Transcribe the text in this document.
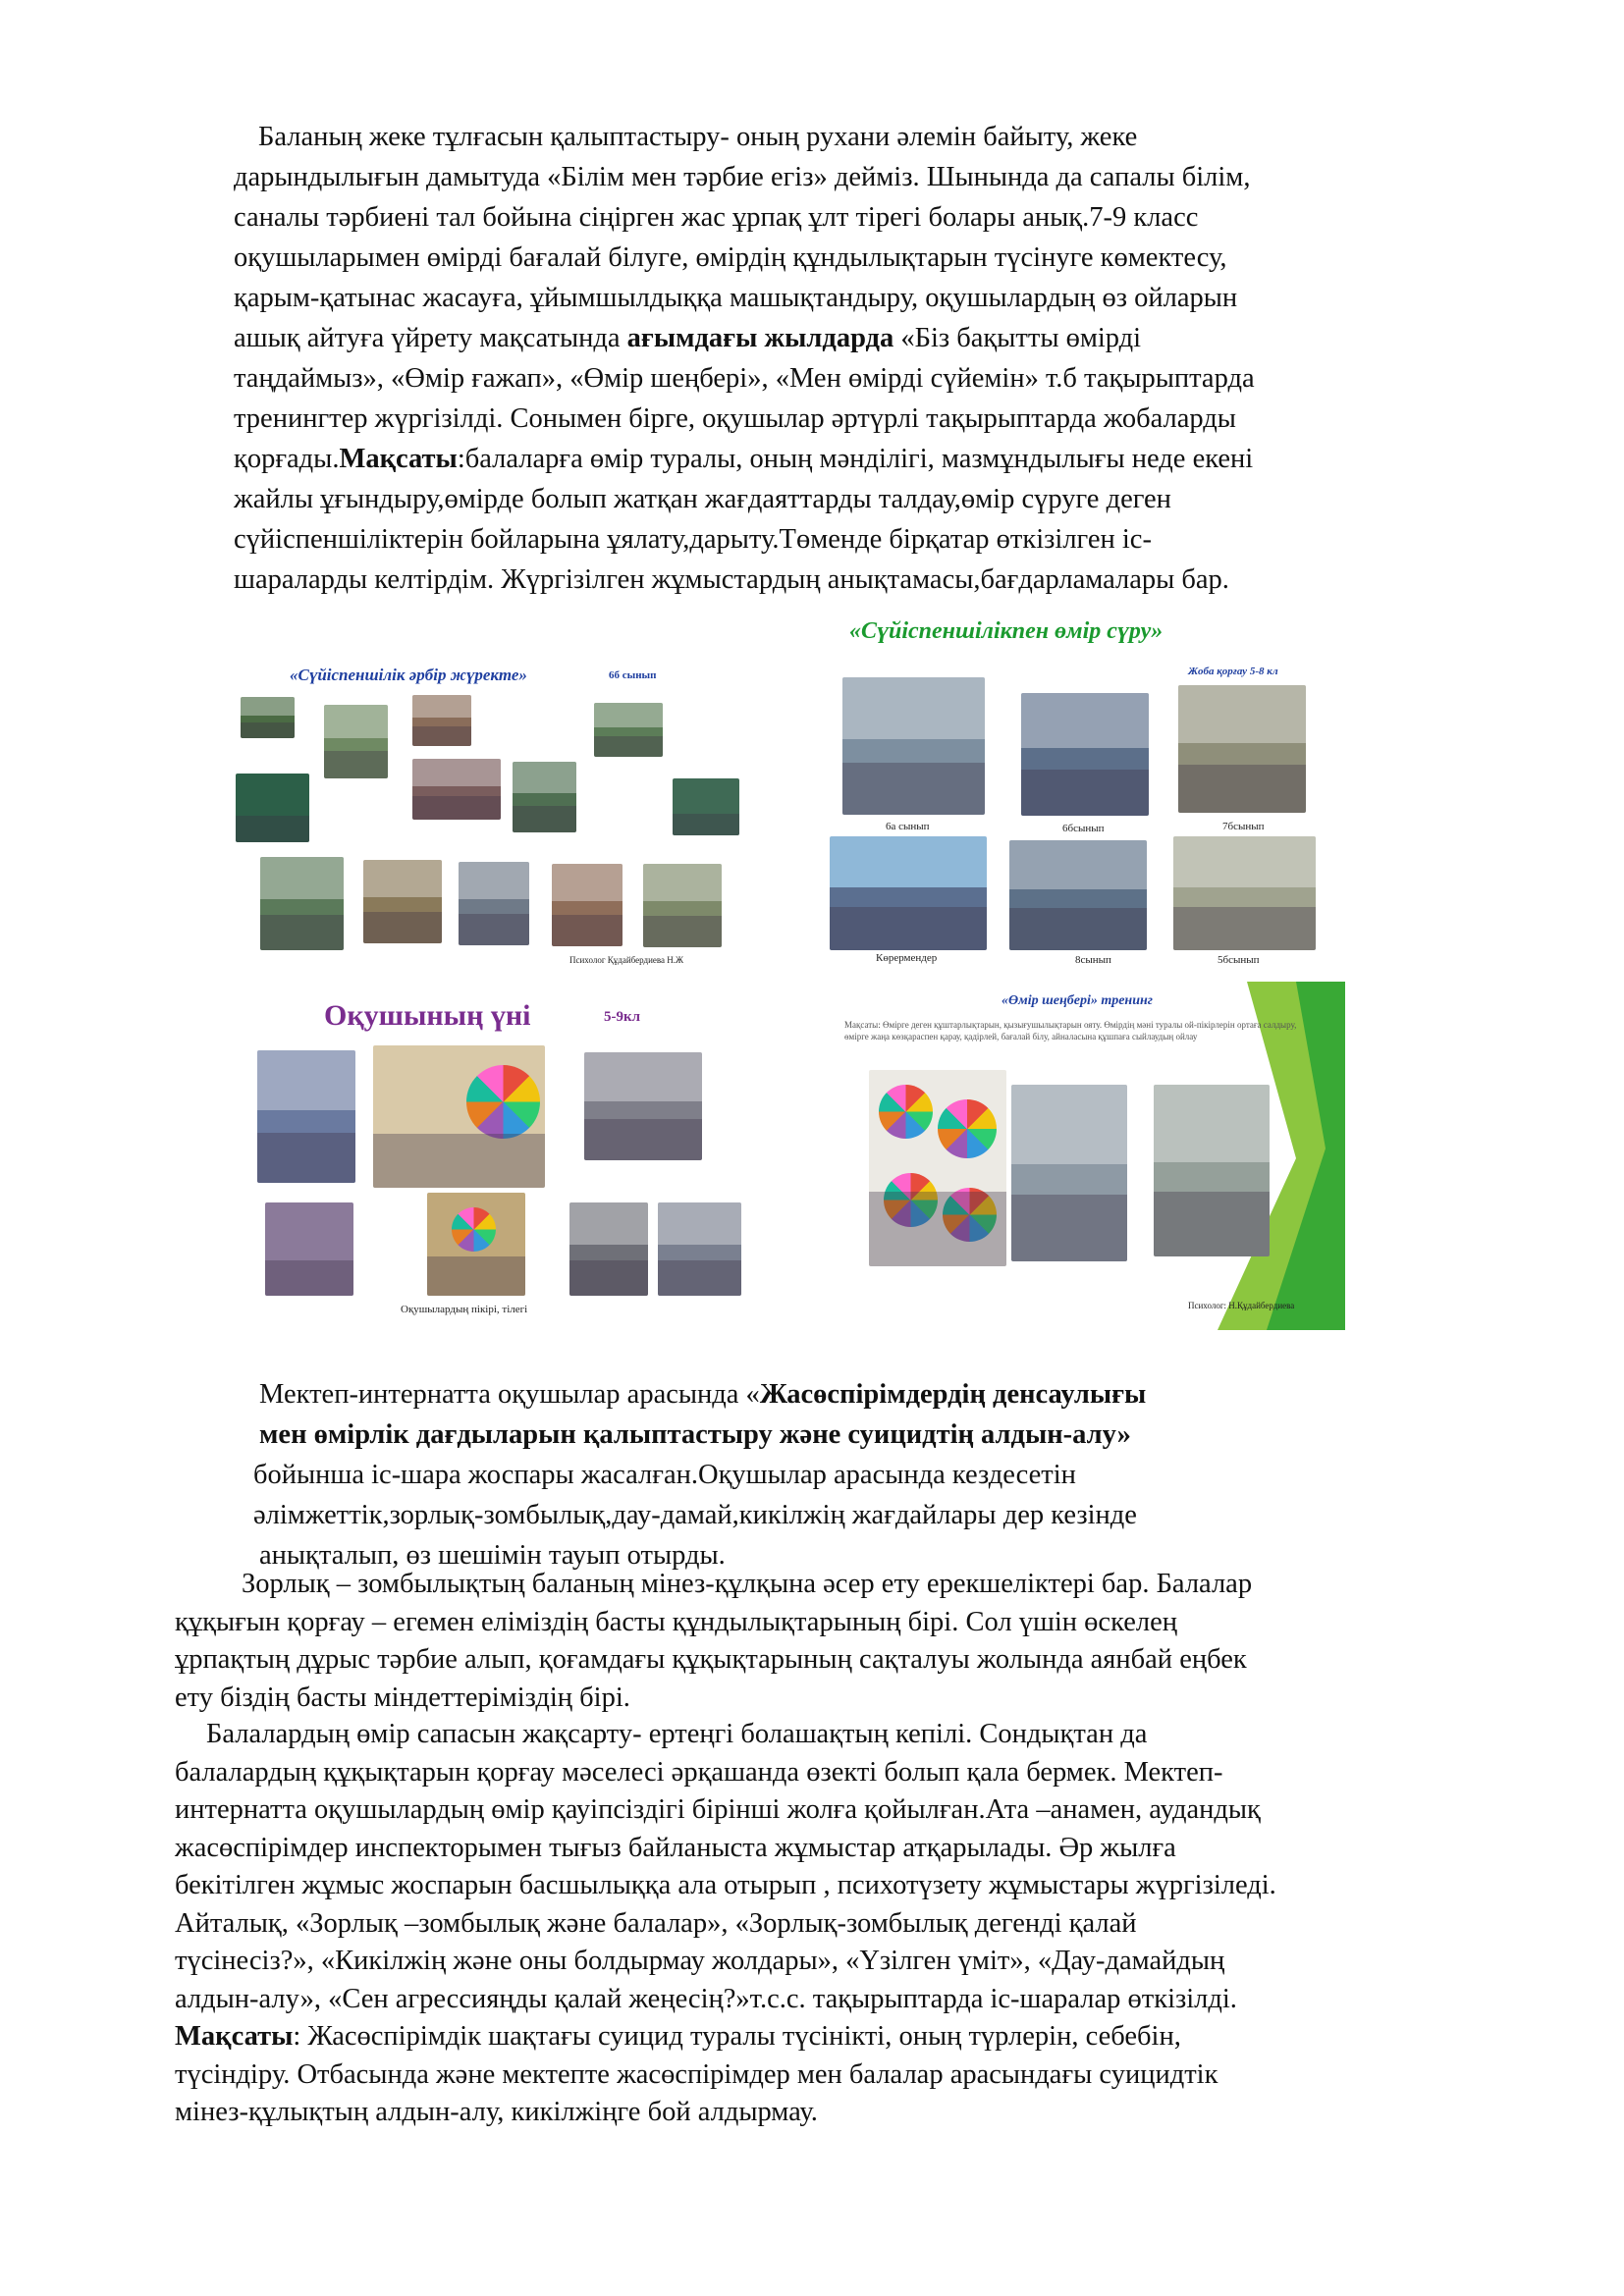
Баланың жеке тұлғасын қалыптастыру- оның рухани әлемін байыту, жеке
дарындылығын дамытуда «Білім мен тәрбие егіз» дейміз. Шынында да сапалы білім,
саналы тәрбиені тал бойына сіңірген жас ұрпақ ұлт тірегі болары анық.7-9 класс
оқушыларымен өмірді бағалай білуге, өмірдің құндылықтарын түсінуге көмектесу,
қарым-қатынас жасауға, ұйымшылдыққа машықтандыру, оқушылардың өз ойларын
ашық айтуға үйрету мақсатында ағымдағы жылдарда «Біз бақытты өмірді
таңдаймыз», «Өмір ғажап», «Өмір шеңбері», «Мен өмірді сүйемін» т.б тақырыптарда
тренингтер жүргізілді. Сонымен бірге, оқушылар әртүрлі тақырыптарда жобаларды
қорғады.Мақсаты:балаларға өмір туралы, оның мәнділігі, мазмұндылығы неде екені
жайлы ұғындыру,өмірде болып жатқан жағдаяттарды талдау,өмір сүруге деген
сүйіспеншіліктерін бойларына ұялату,дарыту.Төменде бірқатар өткізілген іс-
шараларды келтірдім. Жүргізілген жұмыстардың анықтамасы,бағдарламалары бар.
«Сүйіспеншілік әрбір жүректе»	6б сынып
Психолог Құдайбердиева Н.Ж
«Сүйіспеншілікпен өмір сүру»
Жоба қорғау 5-8 кл
6а сынып	6бсынып	7бсынып
Көрермендер	8сынып	5бсынып
Оқушының үні	5-9кл
Оқушылардың пікірі, тілегі
«Өмір шеңбері» тренинг
Мақсаты: Өмірге деген құштарлықтарын, қызығушылықтарын ояту. Өмірдің мәні туралы ой-пікірлерін ортаға салдыру, өмірге жаңа көзқараспен қарау, қадірлей, бағалай білу, айналасына құшпаға сыйлаудың ойлау
Психолог: Н.Құдайбердиева
Мектеп-интернатта оқушылар арасында «Жасөспірімдердің денсаулығы
мен өмірлік дағдыларын қалыптастыру және суицидтің алдын-алу»
бойынша іс-шара жоспары жасалған.Оқушылар арасында кездесетін
әлімжеттік,зорлық-зомбылық,дау-дамай,кикілжің жағдайлары дер кезінде
анықталып, өз шешімін тауып отырды.
Зорлық – зомбылықтың баланың мінез-құлқына әсер ету ерекшеліктері бар. Балалар
құқығын қорғау – егемен еліміздің басты құндылықтарының бірі. Сол үшін өскелең
ұрпақтың дұрыс тәрбие алып, қоғамдағы құқықтарының сақталуы жолында аянбай еңбек
ету біздің басты міндеттеріміздің бірі.
Балалардың өмір сапасын жақсарту- ертеңгі болашақтың кепілі. Сондықтан да
балалардың құқықтарын қорғау мәселесі әрқашанда өзекті болып қала бермек. Мектеп-
интернатта оқушылардың өмір қауіпсіздігі бірінші жолға қойылған.Ата –анамен, аудандық
жасөспірімдер инспекторымен тығыз байланыста жұмыстар атқарылады. Әр жылға
бекітілген жұмыс жоспарын басшылыққа ала отырып , психотүзету жұмыстары жүргізіледі.
Айталық, «Зорлық –зомбылық және балалар», «Зорлық-зомбылық дегенді қалай
түсінесіз?», «Кикілжің және оны болдырмау жолдары», «Үзілген үміт», «Дау-дамайдың
алдын-алу», «Сен агрессияңды қалай жеңесің?»т.с.с. тақырыптарда іс-шаралар өткізілді.
Мақсаты: Жасөспірімдік шақтағы суицид туралы түсінікті, оның түрлерін, себебін,
түсіндіру. Отбасында және мектепте жасөспірімдер мен балалар арасындағы суицидтік
мінез-құлықтың алдын-алу, кикілжіңге бой алдырмау.
